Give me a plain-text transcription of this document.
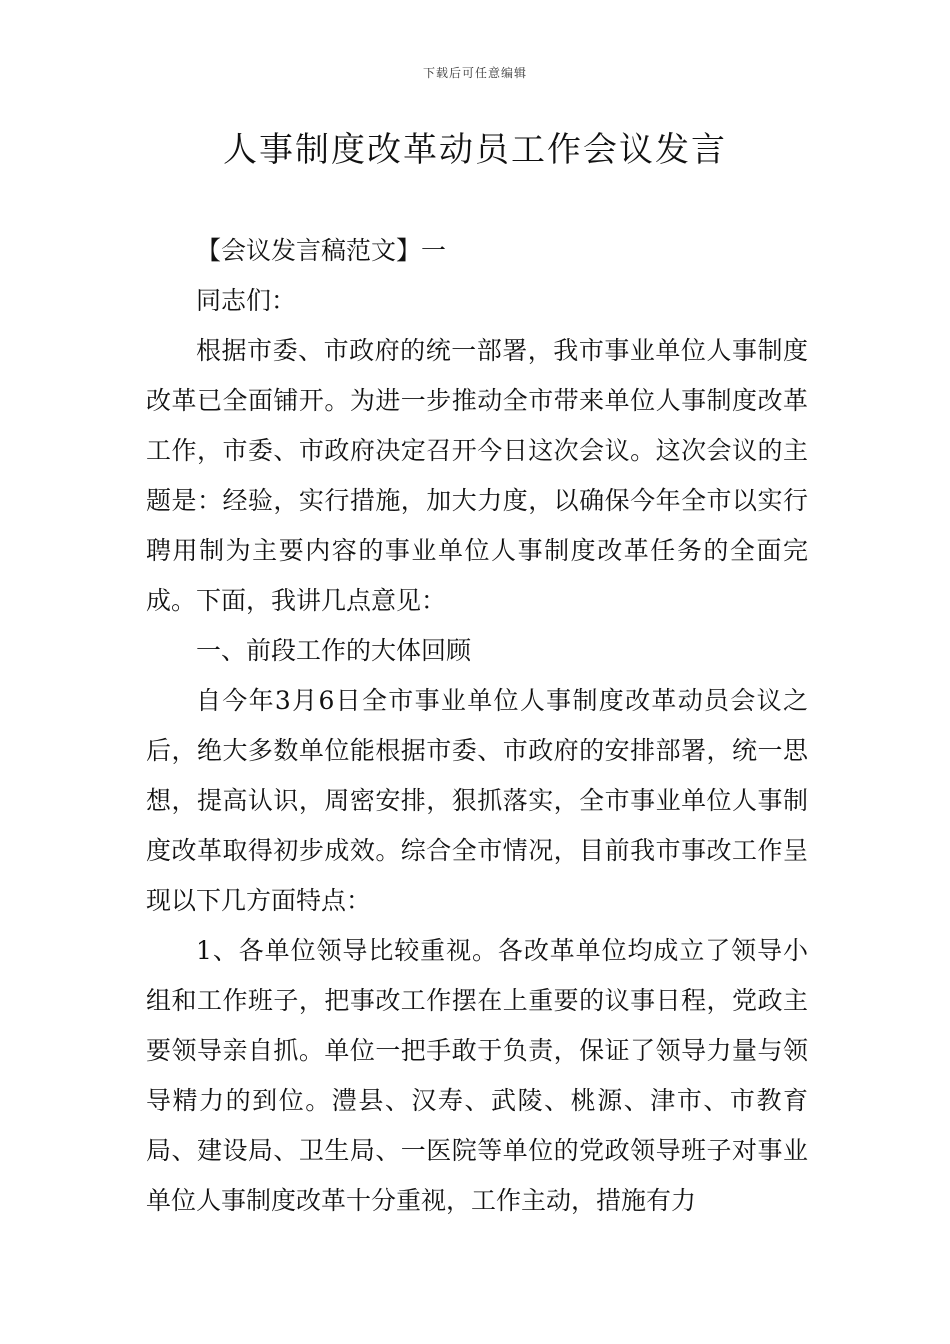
下载后可任意编辑
人事制度改革动员工作会议发言

【会议发言稿范文】一

同志们：

根据市委、市政府的统一部署，我市事业单位人事制度改革已全面铺开。为进一步推动全市带来单位人事制度改革工作，市委、市政府决定召开今日这次会议。这次会议的主题是：经验，实行措施，加大力度，以确保今年全市以实行聘用制为主要内容的事业单位人事制度改革任务的全面完成。下面，我讲几点意见：

一、前段工作的大体回顾

自今年3月6日全市事业单位人事制度改革动员会议之后，绝大多数单位能根据市委、市政府的安排部署，统一思想，提高认识，周密安排，狠抓落实，全市事业单位人事制度改革取得初步成效。综合全市情况，目前我市事改工作呈现以下几方面特点：

1、各单位领导比较重视。各改革单位均成立了领导小组和工作班子，把事改工作摆在上重要的议事日程，党政主要领导亲自抓。单位一把手敢于负责，保证了领导力量与领导精力的到位。澧县、汉寿、武陵、桃源、津市、市教育局、建设局、卫生局、一医院等单位的党政领导班子对事业单位人事制度改革十分重视，工作主动，措施有力
